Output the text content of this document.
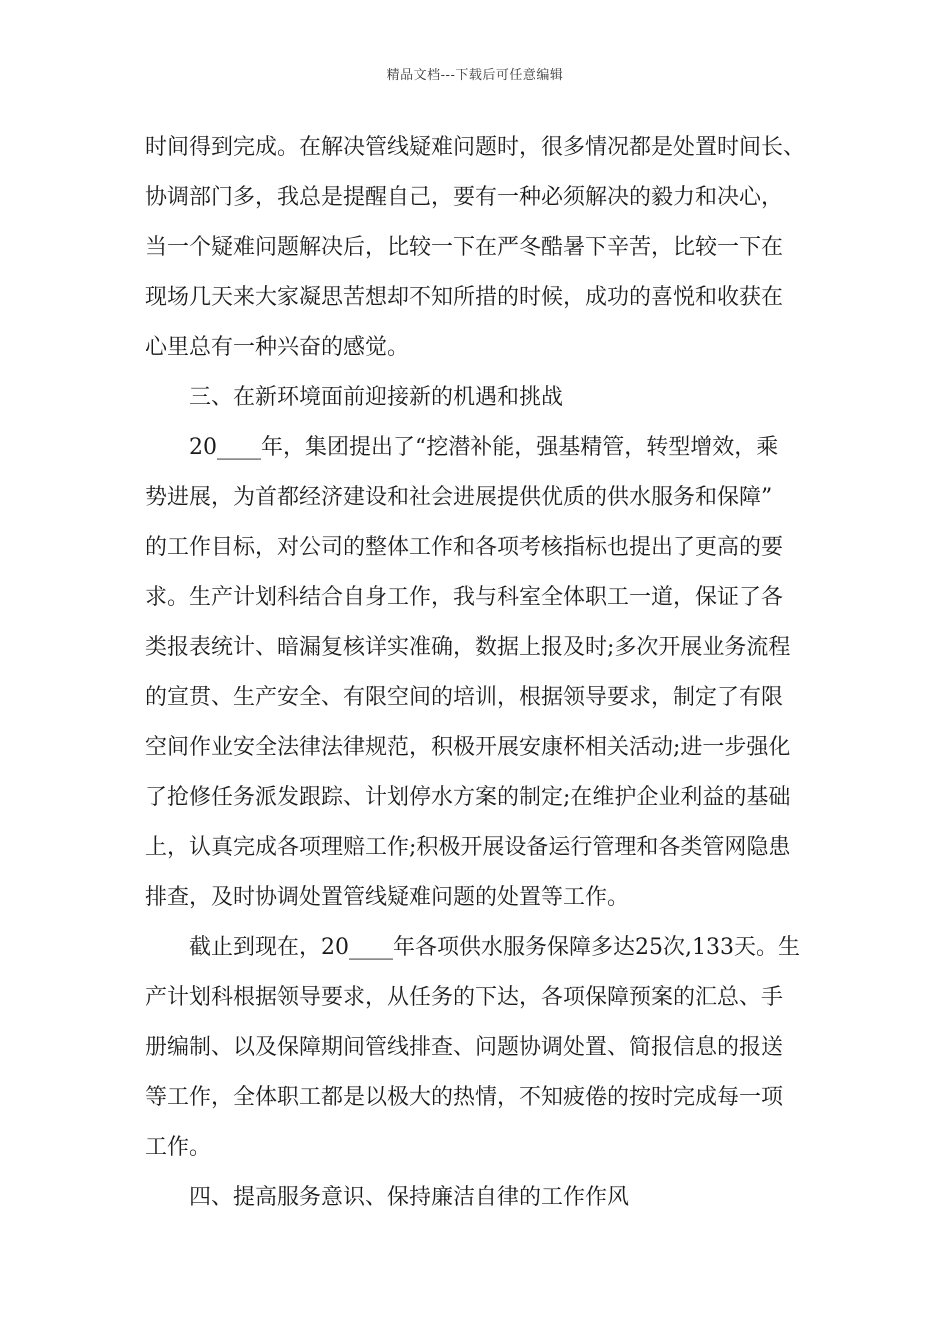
精品文档---下载后可任意编辑
时间得到完成。在解决管线疑难问题时，很多情况都是处置时间长、
协调部门多，我总是提醒自己，要有一种必须解决的毅力和决心，
当一个疑难问题解决后，比较一下在严冬酷暑下辛苦，比较一下在
现场几天来大家凝思苦想却不知所措的时候，成功的喜悦和收获在
心里总有一种兴奋的感觉。
三、在新环境面前迎接新的机遇和挑战
20____年，集团提出了“挖潜补能，强基精管，转型增效，乘
势进展，为首都经济建设和社会进展提供优质的供水服务和保障”
的工作目标，对公司的整体工作和各项考核指标也提出了更高的要
求。生产计划科结合自身工作，我与科室全体职工一道，保证了各
类报表统计、暗漏复核详实准确，数据上报及时;多次开展业务流程
的宣贯、生产安全、有限空间的培训，根据领导要求，制定了有限
空间作业安全法律法律规范，积极开展安康杯相关活动;进一步强化
了抢修任务派发跟踪、计划停水方案的制定;在维护企业利益的基础
上，认真完成各项理赔工作;积极开展设备运行管理和各类管网隐患
排查，及时协调处置管线疑难问题的处置等工作。
截止到现在，20____年各项供水服务保障多达25次,133天。生
产计划科根据领导要求，从任务的下达，各项保障预案的汇总、手
册编制、以及保障期间管线排查、问题协调处置、简报信息的报送
等工作，全体职工都是以极大的热情，不知疲倦的按时完成每一项
工作。
四、提高服务意识、保持廉洁自律的工作作风
